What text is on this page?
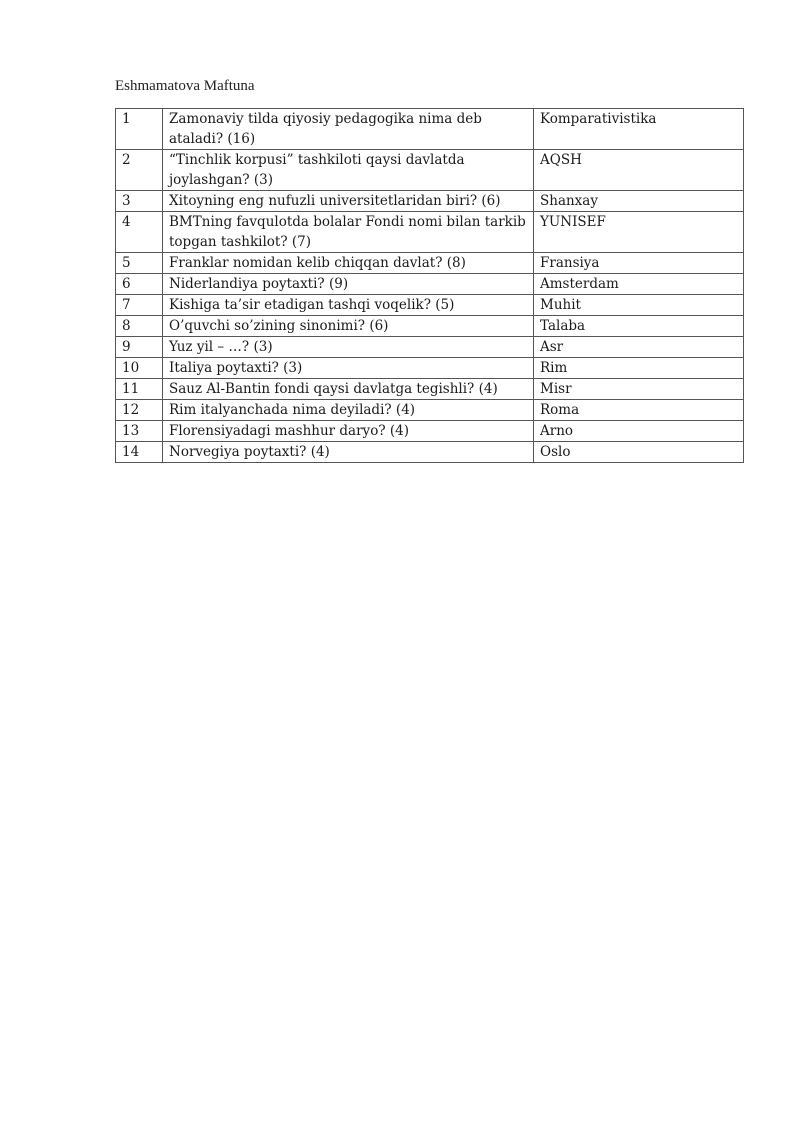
Eshmamatova Maftuna
1	Zamonaviy tilda qiyosiy pedagogika nima deb ataladi? (16)	Komparativistika
2	“Tinchlik korpusi” tashkiloti qaysi davlatda joylashgan? (3)	AQSH
3	Xitoyning eng nufuzli universitetlaridan biri? (6)	Shanxay
4	BMTning favqulotda bolalar Fondi nomi bilan tarkib topgan tashkilot? (7)	YUNISEF
5	Franklar nomidan kelib chiqqan davlat? (8)	Fransiya
6	Niderlandiya poytaxti? (9)	Amsterdam
7	Kishiga ta’sir etadigan tashqi voqelik? (5)	Muhit
8	O’quvchi so’zining sinonimi? (6)	Talaba
9	Yuz yil – …? (3)	Asr
10	Italiya poytaxti? (3)	Rim
11	Sauz Al-Bantin fondi qaysi davlatga tegishli? (4)	Misr
12	Rim italyanchada nima deyiladi? (4)	Roma
13	Florensiyadagi mashhur daryo? (4)	Arno
14	Norvegiya poytaxti? (4)	Oslo
